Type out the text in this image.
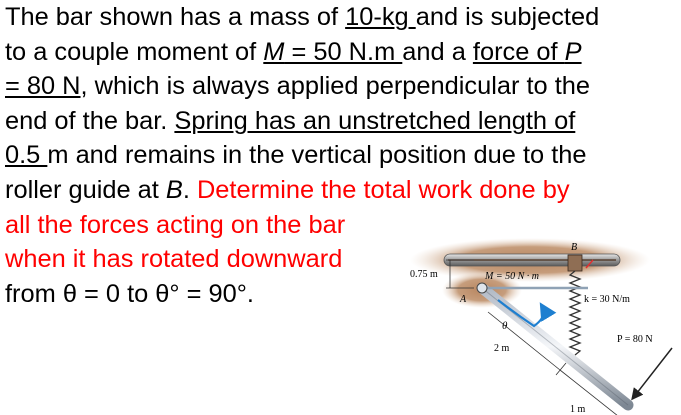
The bar shown has a mass of 10-kg and is subjected
to a couple moment of M = 50 N.m and a force of P
= 80 N, which is always applied perpendicular to the
end of the bar. Spring has an unstretched length of
0.5 m and remains in the vertical position due to the
roller guide at B. Determine the total work done by
all the forces acting on the bar
when it has rotated downward
from θ = 0 to θ° = 90°.
B
0.75 m
A
M = 50 N · m
θ
k = 30 N/m
P = 80 N
2 m
1 m
